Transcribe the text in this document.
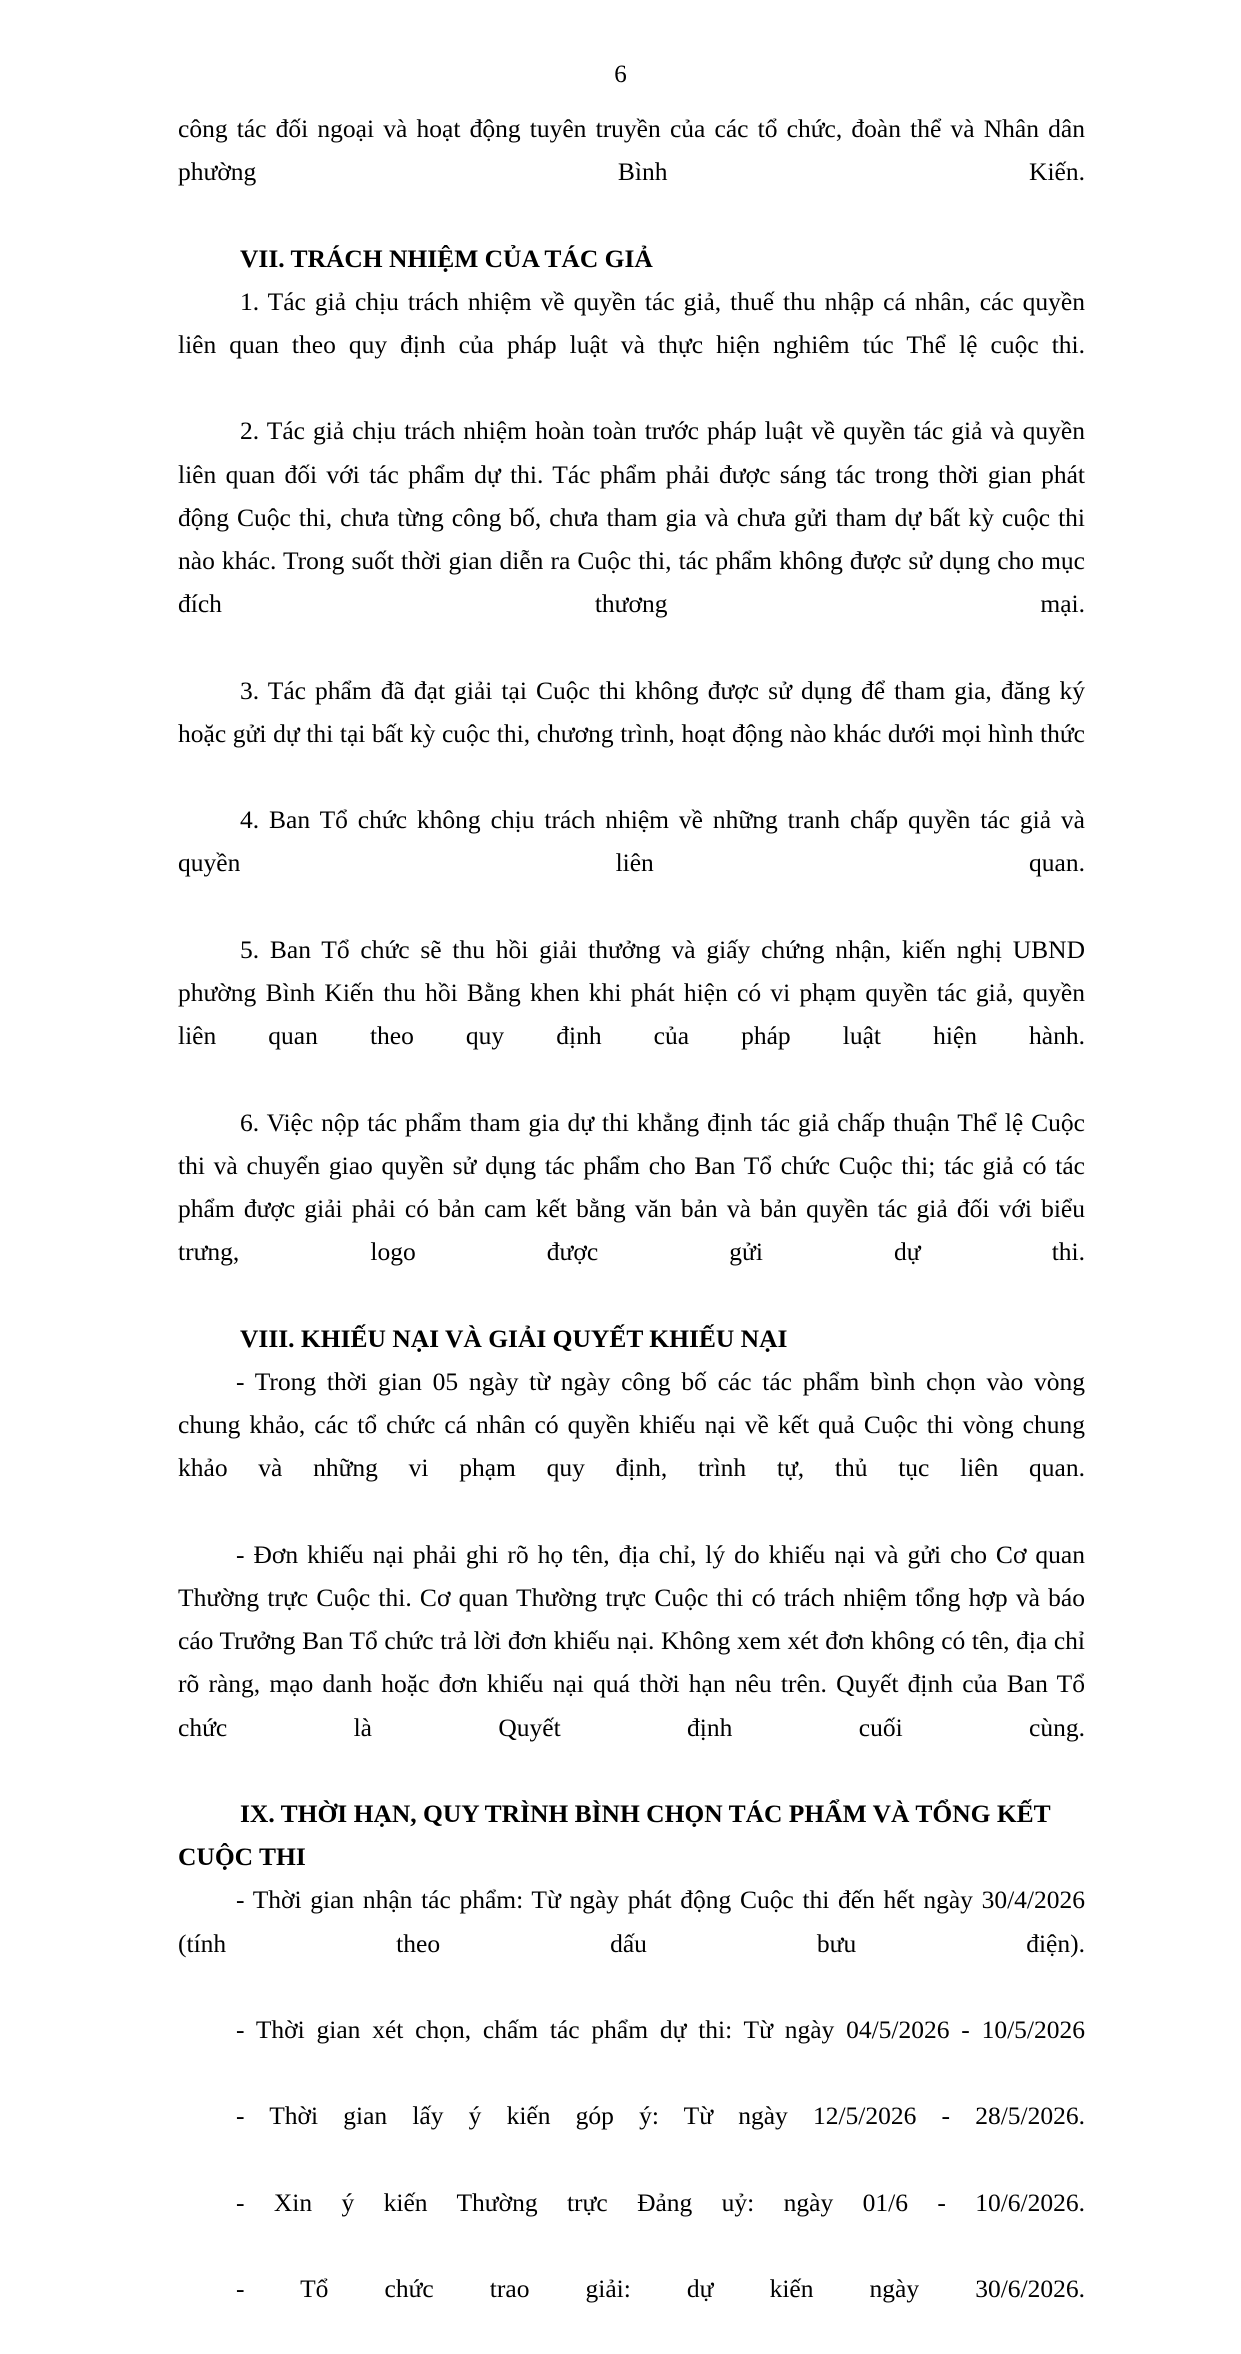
6

công tác đối ngoại và hoạt động tuyên truyền của các tổ chức, đoàn thể và Nhân dân phường Bình Kiến.

VII. TRÁCH NHIỆM CỦA TÁC GIẢ

1. Tác giả chịu trách nhiệm về quyền tác giả, thuế thu nhập cá nhân, các quyền liên quan theo quy định của pháp luật và thực hiện nghiêm túc Thể lệ cuộc thi.

2. Tác giả chịu trách nhiệm hoàn toàn trước pháp luật về quyền tác giả và quyền liên quan đối với tác phẩm dự thi. Tác phẩm phải được sáng tác trong thời gian phát động Cuộc thi, chưa từng công bố, chưa tham gia và chưa gửi tham dự bất kỳ cuộc thi nào khác. Trong suốt thời gian diễn ra Cuộc thi, tác phẩm không được sử dụng cho mục đích thương mại.

3. Tác phẩm đã đạt giải tại Cuộc thi không được sử dụng để tham gia, đăng ký hoặc gửi dự thi tại bất kỳ cuộc thi, chương trình, hoạt động nào khác dưới mọi hình thức

4. Ban Tổ chức không chịu trách nhiệm về những tranh chấp quyền tác giả và quyền liên quan.

5. Ban Tổ chức sẽ thu hồi giải thưởng và giấy chứng nhận, kiến nghị UBND phường Bình Kiến thu hồi Bằng khen khi phát hiện có vi phạm quyền tác giả, quyền liên quan theo quy định của pháp luật hiện hành.

6. Việc nộp tác phẩm tham gia dự thi khẳng định tác giả chấp thuận Thể lệ Cuộc thi và chuyển giao quyền sử dụng tác phẩm cho Ban Tổ chức Cuộc thi; tác giả có tác phẩm được giải phải có bản cam kết bằng văn bản và bản quyền tác giả đối với biểu trưng, logo được gửi dự thi.

VIII. KHIẾU NẠI VÀ GIẢI QUYẾT KHIẾU NẠI

- Trong thời gian 05 ngày từ ngày công bố các tác phẩm bình chọn vào vòng chung khảo, các tổ chức cá nhân có quyền khiếu nại về kết quả Cuộc thi vòng chung khảo và những vi phạm quy định, trình tự, thủ tục liên quan.

- Đơn khiếu nại phải ghi rõ họ tên, địa chỉ, lý do khiếu nại và gửi cho Cơ quan Thường trực Cuộc thi. Cơ quan Thường trực Cuộc thi có trách nhiệm tổng hợp và báo cáo Trưởng Ban Tổ chức trả lời đơn khiếu nại. Không xem xét đơn không có tên, địa chỉ rõ ràng, mạo danh hoặc đơn khiếu nại quá thời hạn nêu trên. Quyết định của Ban Tổ chức là Quyết định cuối cùng.

IX. THỜI HẠN, QUY TRÌNH BÌNH CHỌN TÁC PHẨM VÀ TỔNG KẾT CUỘC THI

- Thời gian nhận tác phẩm: Từ ngày phát động Cuộc thi đến hết ngày 30/4/2026 (tính theo dấu bưu điện).

- Thời gian xét chọn, chấm tác phẩm dự thi: Từ ngày 04/5/2026 - 10/5/2026

- Thời gian lấy ý kiến góp ý: Từ ngày 12/5/2026 - 28/5/2026.

- Xin ý kiến Thường trực Đảng uỷ: ngày 01/6 - 10/6/2026.

- Tổ chức trao giải: dự kiến ngày 30/6/2026.
